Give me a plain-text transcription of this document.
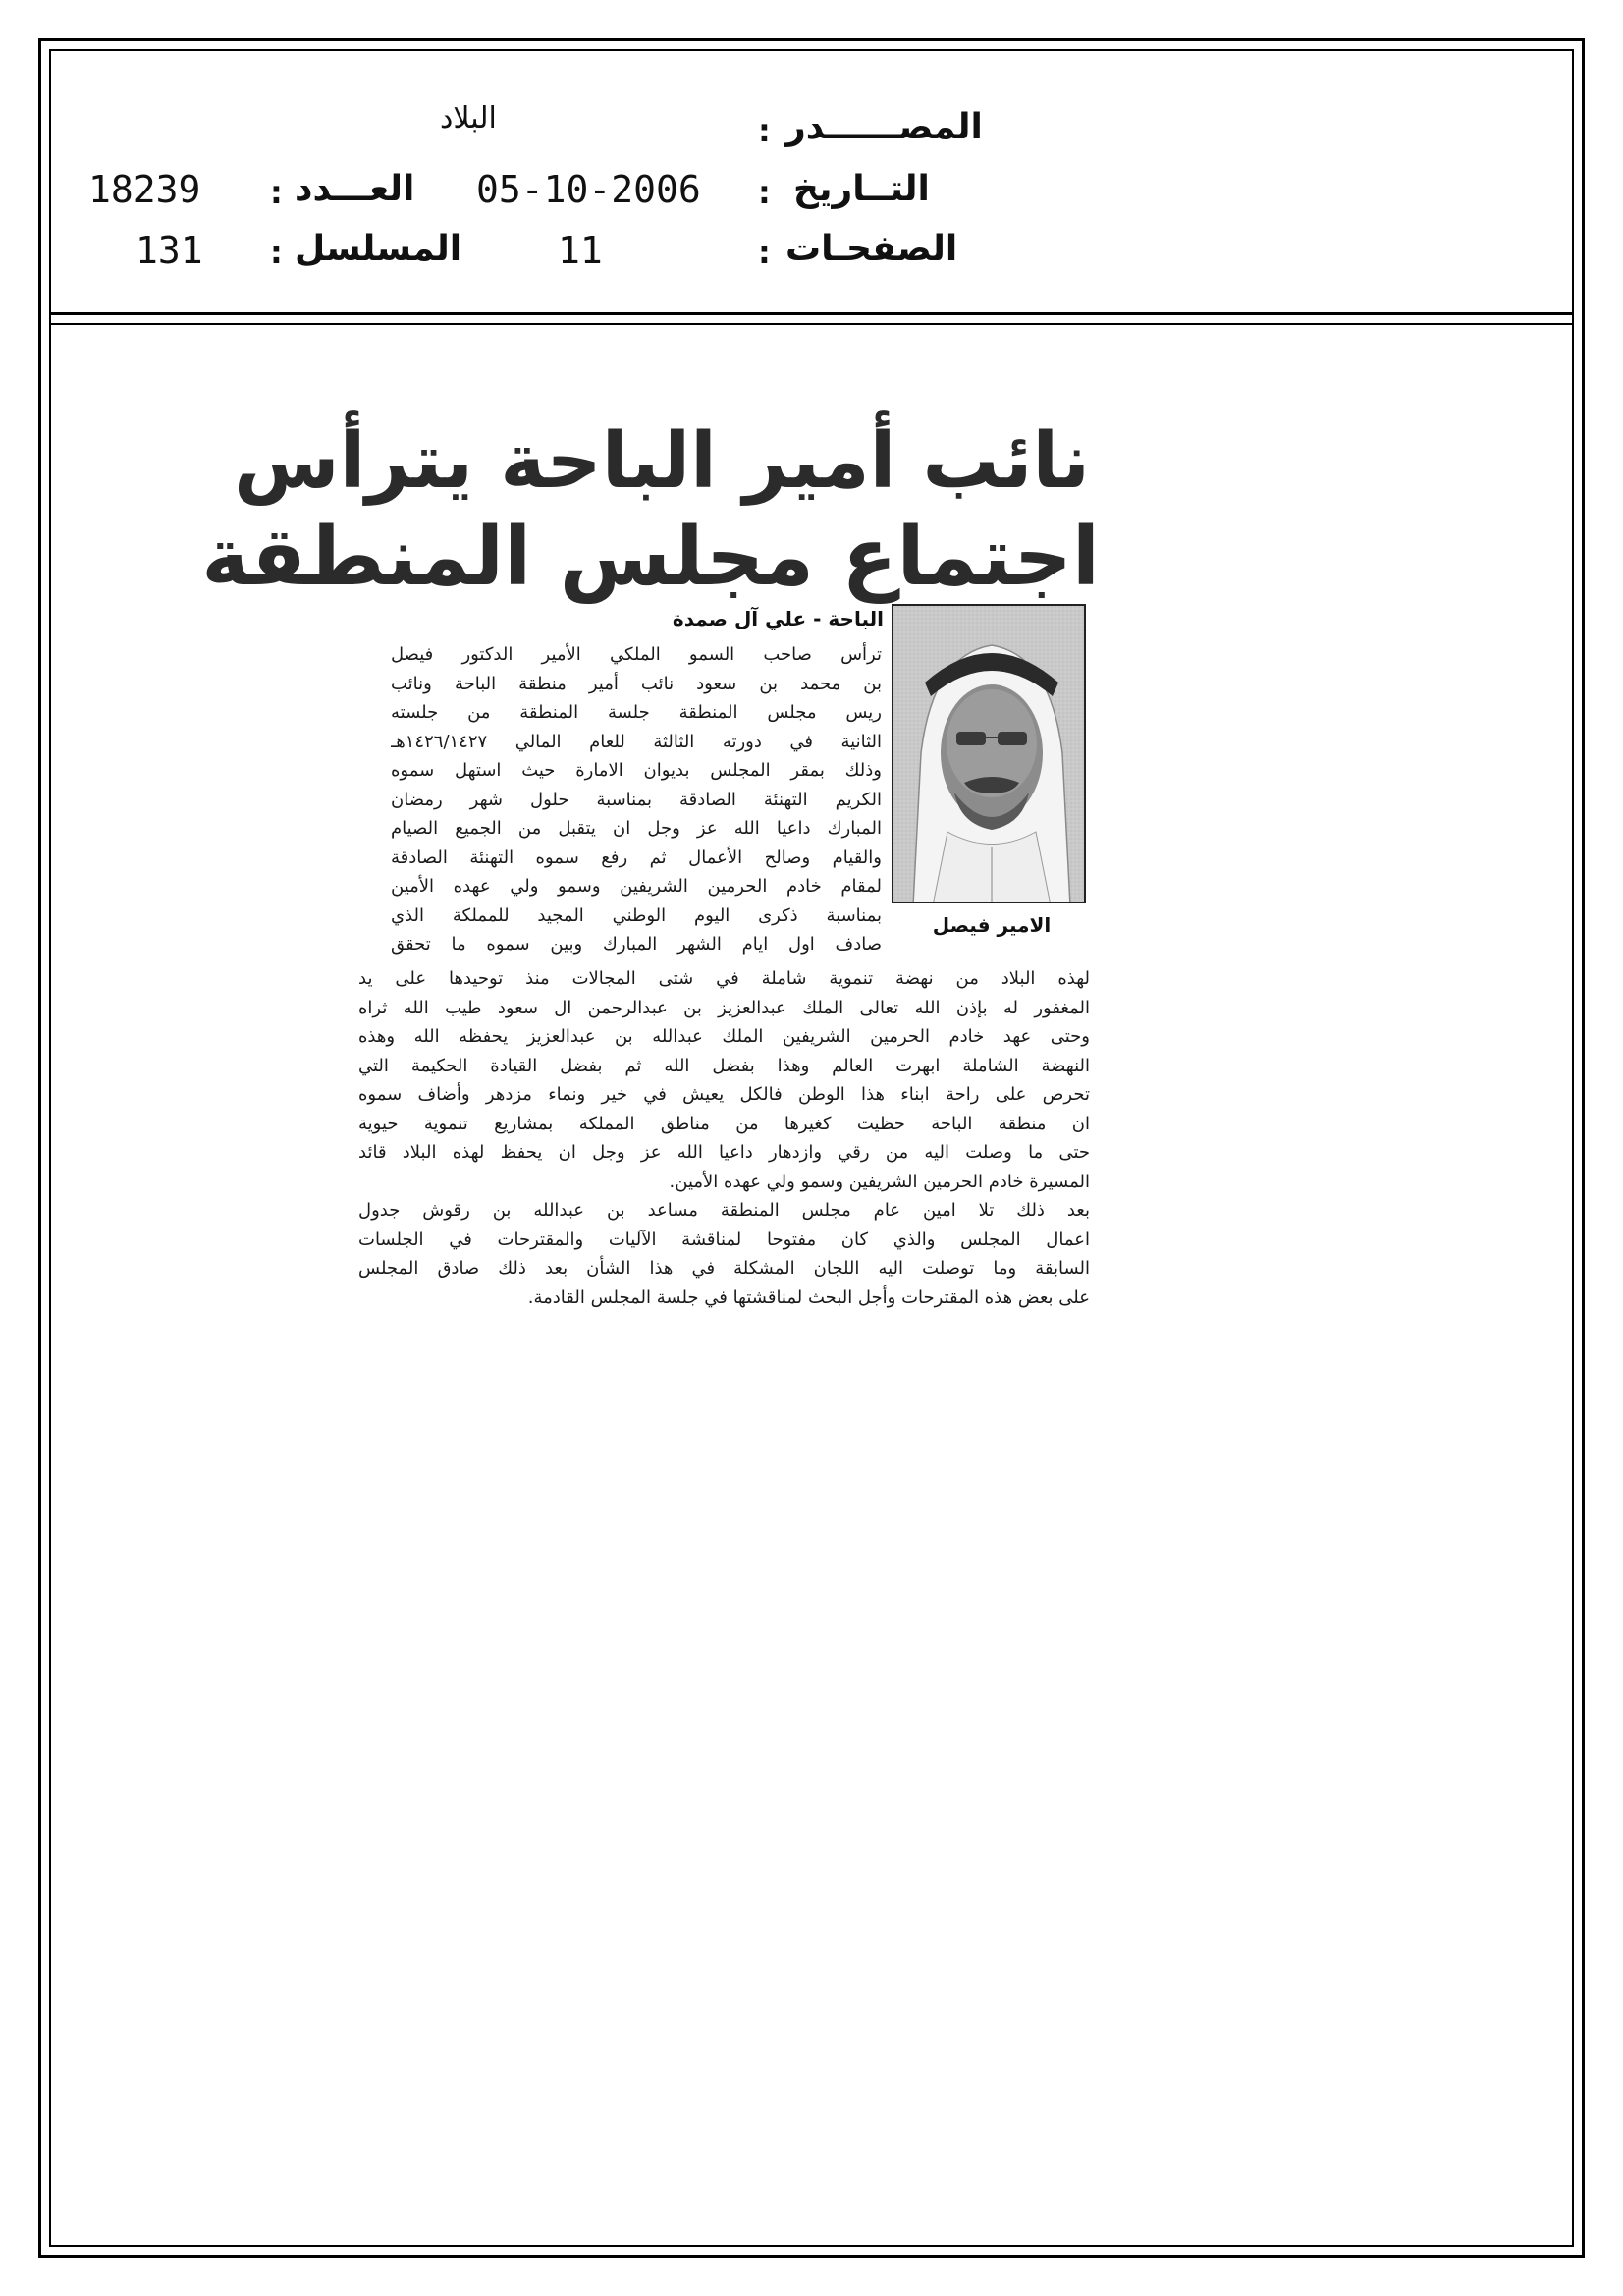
المصــــــدر
:
البلاد
التــاريخ
:
05-10-2006
العـــدد
:
18239
الصفحـات
:
11
المسلسل
:
131
نائب أمير الباحة يترأس
اجتماع مجلس المنطقة
الامير فيصل
الباحة - علي آل صمدة
ترأس صاحب السمو الملكي الأمير الدكتور فيصل
بن محمد بن سعود نائب أمير منطقة الباحة ونائب
ريس مجلس المنطقة جلسة المنطقة من جلسته
الثانية في دورته الثالثة للعام المالي ١٤٢٦/١٤٢٧هـ
وذلك بمقر المجلس بديوان الامارة حيث استهل سموه
الكريم التهنئة الصادقة بمناسبة حلول شهر رمضان
المبارك داعيا الله عز وجل ان يتقبل من الجميع الصيام
والقيام وصالح الأعمال ثم رفع سموه التهنئة الصادقة
لمقام خادم الحرمين الشريفين وسمو ولي عهده الأمين
بمناسبة ذكرى اليوم الوطني المجيد للمملكة الذي
صادف اول ايام الشهر المبارك وبين سموه ما تحقق
لهذه البلاد من نهضة تنموية شاملة في شتى المجالات منذ توحيدها على يد
المغفور له بإذن الله تعالى الملك عبدالعزيز بن عبدالرحمن ال سعود طيب الله ثراه
وحتى عهد خادم الحرمين الشريفين الملك عبدالله بن عبدالعزيز يحفظه الله وهذه
النهضة الشاملة ابهرت العالم وهذا بفضل الله ثم بفضل القيادة الحكيمة التي
تحرص على راحة ابناء هذا الوطن فالكل يعيش في خير ونماء مزدهر وأضاف سموه
ان منطقة الباحة حظيت كغيرها من مناطق المملكة بمشاريع تنموية حيوية
حتى ما وصلت اليه من رقي وازدهار داعيا الله عز وجل ان يحفظ لهذه البلاد قائد
المسيرة خادم الحرمين الشريفين وسمو ولي عهده الأمين.
بعد ذلك تلا امين عام مجلس المنطقة مساعد بن عبدالله بن رقوش جدول
اعمال المجلس والذي كان مفتوحا لمناقشة الآليات والمقترحات في الجلسات
السابقة وما توصلت اليه اللجان المشكلة في هذا الشأن بعد ذلك صادق المجلس
على بعض هذه المقترحات وأجل البحث لمناقشتها في جلسة المجلس القادمة.
